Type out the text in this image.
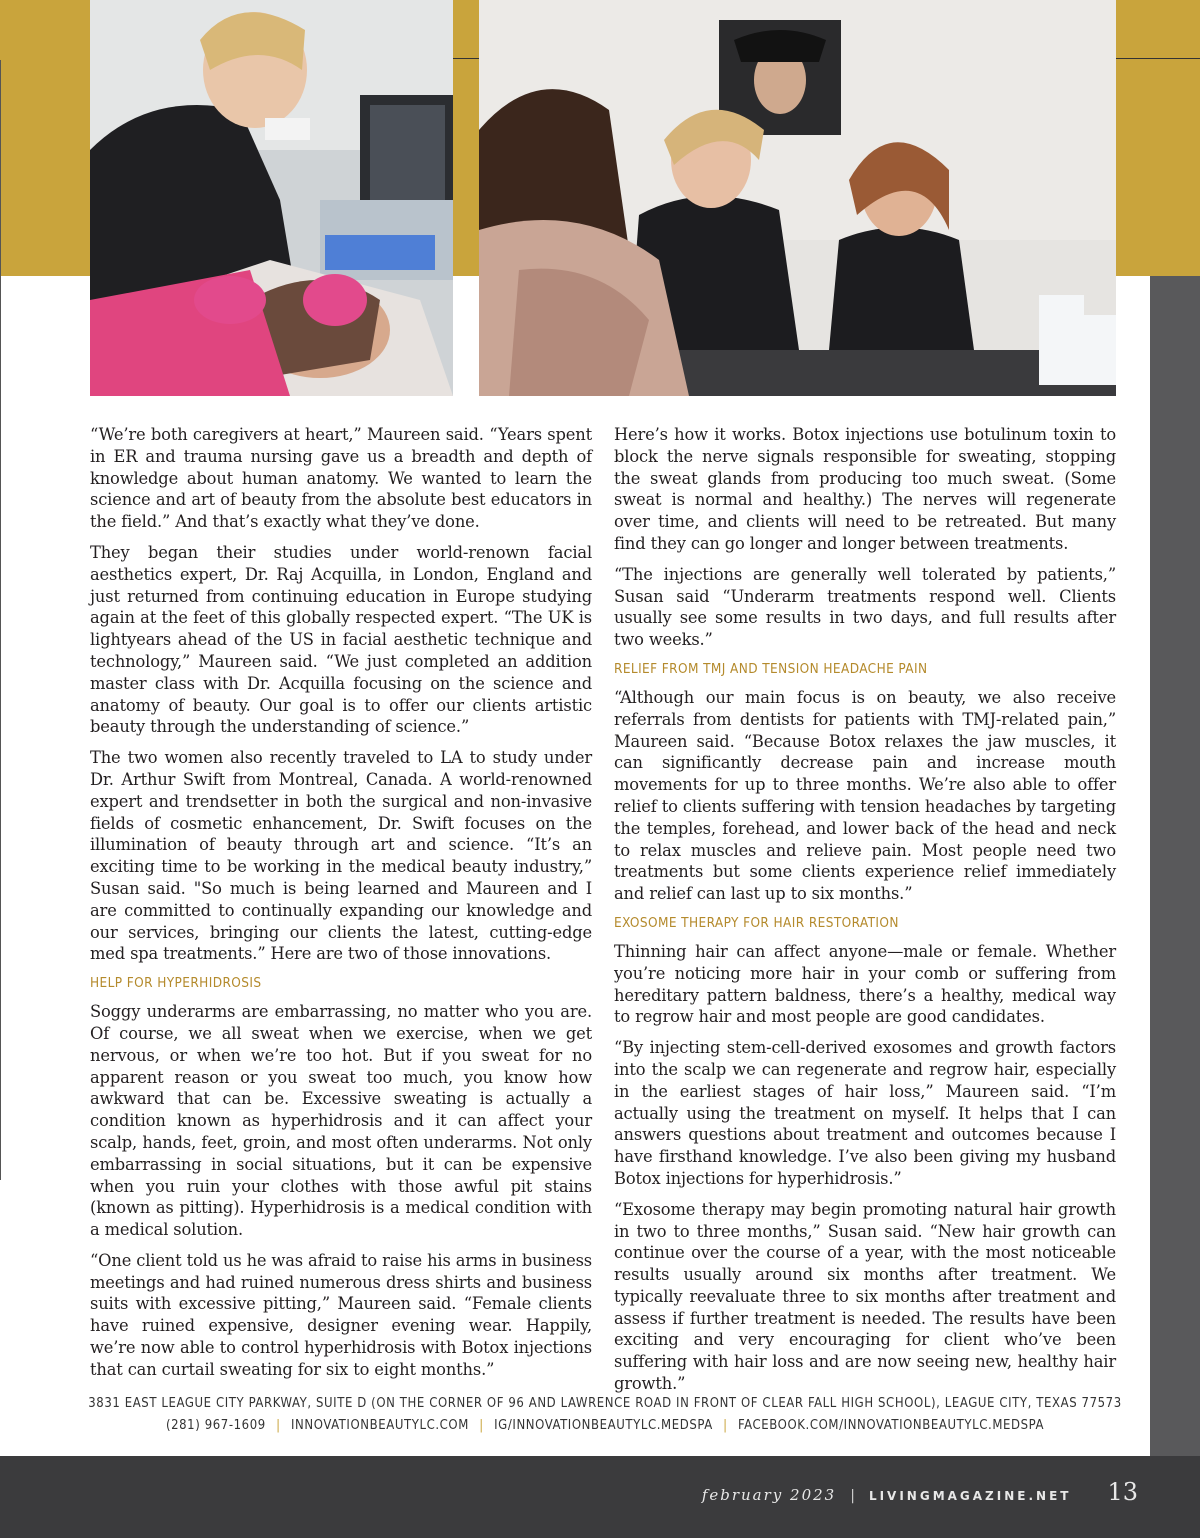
“We’re both caregivers at heart,” Maureen said. “Years spent in ER and trauma nursing gave us a breadth and depth of knowledge about human anatomy. We wanted to learn the science and art of beauty from the absolute best educators in the field.” And that’s exactly what they’ve done.

They began their studies under world-renown facial aesthetics expert, Dr. Raj Acquilla, in London, England and just returned from continuing education in Europe studying again at the feet of this globally respected expert. “The UK is lightyears ahead of the US in facial aesthetic technique and technology,” Maureen said. “We just completed an addition master class with Dr. Acquilla focusing on the science and anatomy of beauty. Our goal is to offer our clients artistic beauty through the understanding of science.”

The two women also recently traveled to LA to study under Dr. Arthur Swift from Montreal, Canada. A world-renowned expert and trendsetter in both the surgical and non-invasive fields of cosmetic enhancement, Dr. Swift focuses on the illumination of beauty through art and science. “It’s an exciting time to be working in the medical beauty industry,” Susan said. "So much is being learned and Maureen and I are committed to continually expanding our knowledge and our services, bringing our clients the latest, cutting-edge med spa treatments.” Here are two of those innovations.

HELP FOR HYPERHIDROSIS

Soggy underarms are embarrassing, no matter who you are. Of course, we all sweat when we exercise, when we get nervous, or when we’re too hot. But if you sweat for no apparent reason or you sweat too much, you know how awkward that can be. Excessive sweating is actually a condition known as hyperhidrosis and it can affect your scalp, hands, feet, groin, and most often underarms. Not only embarrassing in social situations, but it can be expensive when you ruin your clothes with those awful pit stains (known as pitting). Hyperhidrosis is a medical condition with a medical solution.

“One client told us he was afraid to raise his arms in business meetings and had ruined numerous dress shirts and business suits with excessive pitting,” Maureen said. “Female clients have ruined expensive, designer evening wear. Happily, we’re now able to control hyperhidrosis with Botox injections that can curtail sweating for six to eight months.”

Here’s how it works. Botox injections use botulinum toxin to block the nerve signals responsible for sweating, stopping the sweat glands from producing too much sweat. (Some sweat is normal and healthy.) The nerves will regenerate over time, and clients will need to be retreated. But many find they can go longer and longer between treatments.

“The injections are generally well tolerated by patients,” Susan said “Underarm treatments respond well. Clients usually see some results in two days, and full results after two weeks.”

RELIEF FROM TMJ AND TENSION HEADACHE PAIN

“Although our main focus is on beauty, we also receive referrals from dentists for patients with TMJ-related pain,” Maureen said. “Because Botox relaxes the jaw muscles, it can significantly decrease pain and increase mouth movements for up to three months. We’re also able to offer relief to clients suffering with tension headaches by targeting the temples, forehead, and lower back of the head and neck to relax muscles and relieve pain. Most people need two treatments but some clients experience relief immediately and relief can last up to six months.”

EXOSOME THERAPY FOR HAIR RESTORATION

Thinning hair can affect anyone—male or female. Whether you’re noticing more hair in your comb or suffering from hereditary pattern baldness, there’s a healthy, medical way to regrow hair and most people are good candidates.

“By injecting stem-cell-derived exosomes and growth factors into the scalp we can regenerate and regrow hair, especially in the earliest stages of hair loss,” Maureen said. “I’m actually using the treatment on myself. It helps that I can answers questions about treatment and outcomes because I have firsthand knowledge. I’ve also been giving my husband Botox injections for hyperhidrosis.”

“Exosome therapy may begin promoting natural hair growth in two to three months,” Susan said. “New hair growth can continue over the course of a year, with the most noticeable results usually around six months after treatment. We typically reevaluate three to six months after treatment and assess if further treatment is needed. The results have been exciting and very encouraging for client who’ve been suffering with hair loss and are now seeing new, healthy hair growth.”

3831 EAST LEAGUE CITY PARKWAY, SUITE D (ON THE CORNER OF 96 AND LAWRENCE ROAD IN FRONT OF CLEAR FALL HIGH SCHOOL), LEAGUE CITY, TEXAS 77573
(281) 967-1609 | INNOVATIONBEAUTYLC.COM | IG/INNOVATIONBEAUTYLC.MEDSPA | FACEBOOK.COM/INNOVATIONBEAUTYLC.MEDSPA
february 2023	|	LIVINGMAGAZINE.NET 13
